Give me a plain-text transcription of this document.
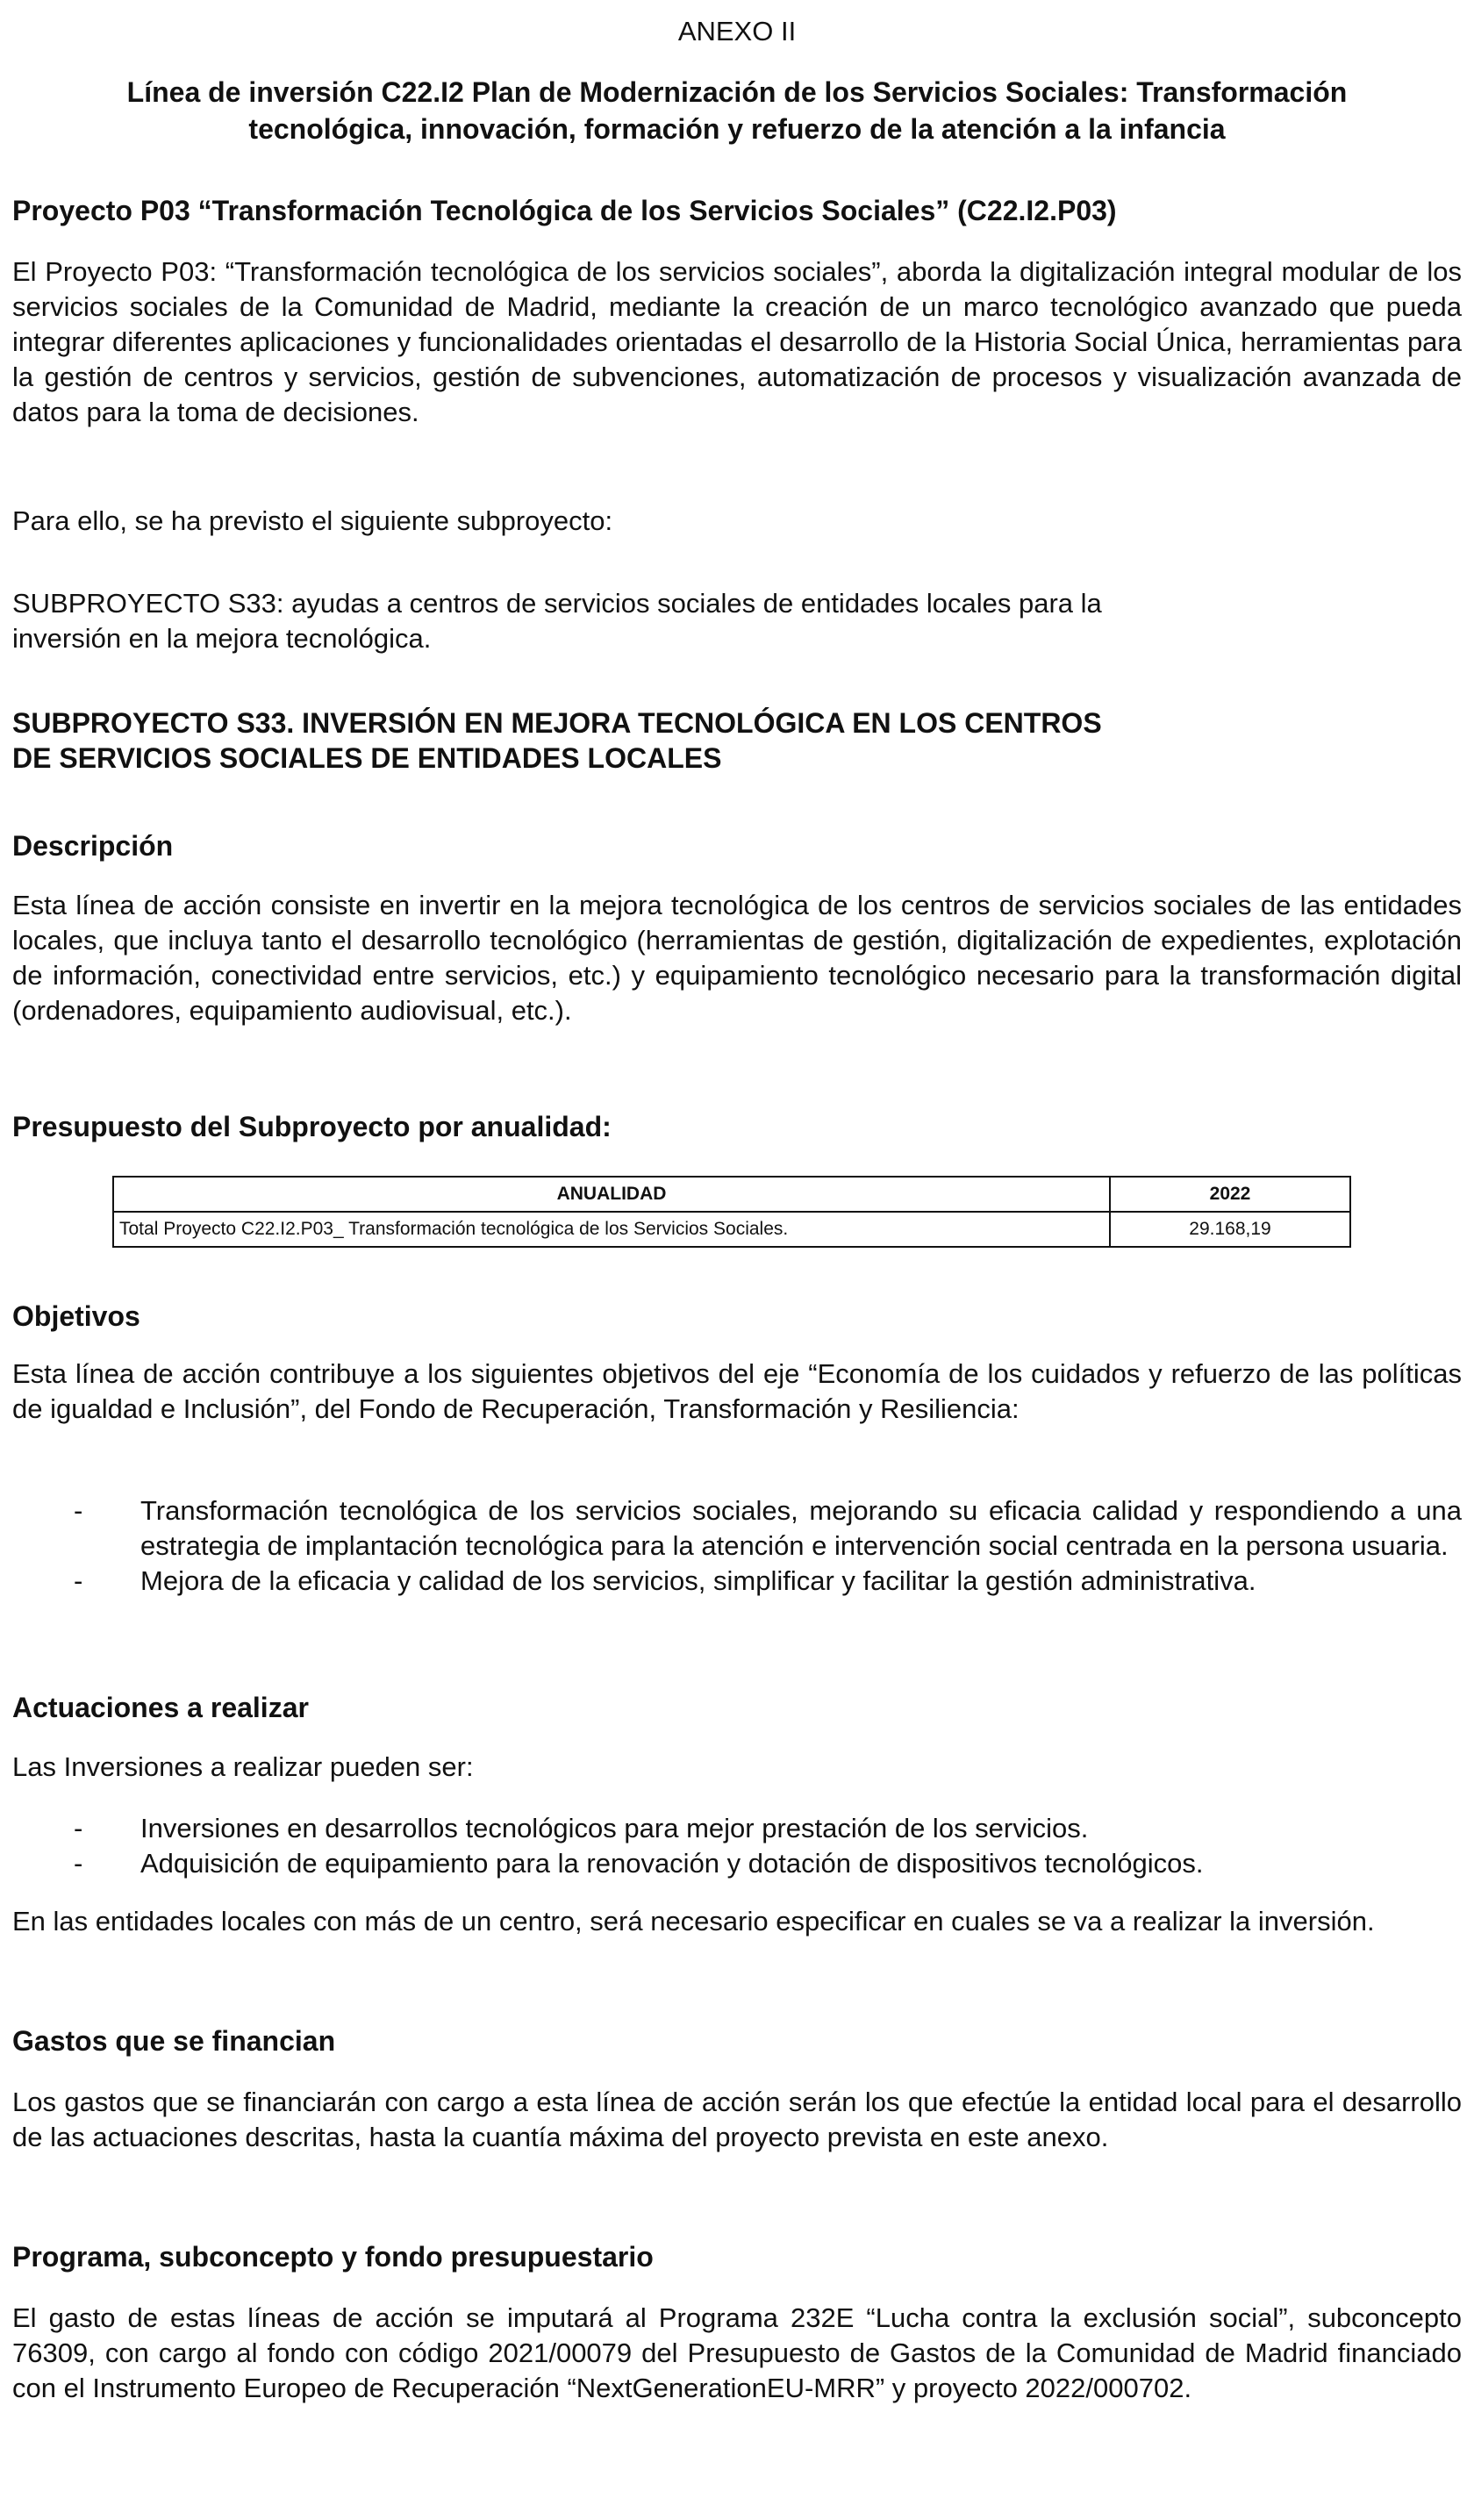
ANEXO II

Línea de inversión C22.I2 Plan de Modernización de los Servicios Sociales: Transformación

tecnológica, innovación, formación y refuerzo de la atención a la infancia

Proyecto P03 “Transformación Tecnológica de los Servicios Sociales” (C22.I2.P03)

El Proyecto P03: “Transformación tecnológica de los servicios sociales”, aborda la digitalización integral modular de los servicios sociales de la Comunidad de Madrid, mediante la creación de un marco tecnológico avanzado que pueda integrar diferentes aplicaciones y funcionalidades orientadas el desarrollo de la Historia Social Única, herramientas para la gestión de centros y servicios, gestión de subvenciones, automatización de procesos y visualización avanzada de datos para la toma de decisiones.

Para ello, se ha previsto el siguiente subproyecto:

SUBPROYECTO S33: ayudas a centros de servicios sociales de entidades locales para la

inversión en la mejora tecnológica.

SUBPROYECTO S33. INVERSIÓN EN MEJORA TECNOLÓGICA EN LOS CENTROS

DE SERVICIOS SOCIALES DE ENTIDADES LOCALES

Descripción

Esta línea de acción consiste en invertir en la mejora tecnológica de los centros de servicios sociales de las entidades locales, que incluya tanto el desarrollo tecnológico (herramientas de gestión, digitalización de expedientes, explotación de información, conectividad entre servicios, etc.) y equipamiento tecnológico necesario para la transformación digital (ordenadores, equipamiento audiovisual, etc.).

Presupuesto del Subproyecto por anualidad:

ANUALIDAD	2022
Total Proyecto C22.I2.P03_ Transformación tecnológica de los Servicios Sociales.	29.168,19

Objetivos

Esta línea de acción contribuye a los siguientes objetivos del eje “Economía de los cuidados y refuerzo de las políticas de igualdad e Inclusión”, del Fondo de Recuperación, Transformación y Resiliencia:

- Transformación tecnológica de los servicios sociales, mejorando su eficacia calidad y respondiendo a una estrategia de implantación tecnológica para la atención e intervención social centrada en la persona usuaria.
- Mejora de la eficacia y calidad de los servicios, simplificar y facilitar la gestión administrativa.

Actuaciones a realizar

Las Inversiones a realizar pueden ser:

- Inversiones en desarrollos tecnológicos para mejor prestación de los servicios.
- Adquisición de equipamiento para la renovación y dotación de dispositivos tecnológicos.

En las entidades locales con más de un centro, será necesario especificar en cuales se va a realizar la inversión.

Gastos que se financian

Los gastos que se financiarán con cargo a esta línea de acción serán los que efectúe la entidad local para el desarrollo de las actuaciones descritas, hasta la cuantía máxima del proyecto prevista en este anexo.

Programa, subconcepto y fondo presupuestario

El gasto de estas líneas de acción se imputará al Programa 232E “Lucha contra la exclusión social”, subconcepto 76309, con cargo al fondo con código 2021/00079 del Presupuesto de Gastos de la Comunidad de Madrid financiado con el Instrumento Europeo de Recuperación “NextGenerationEU-MRR” y proyecto 2022/000702.
